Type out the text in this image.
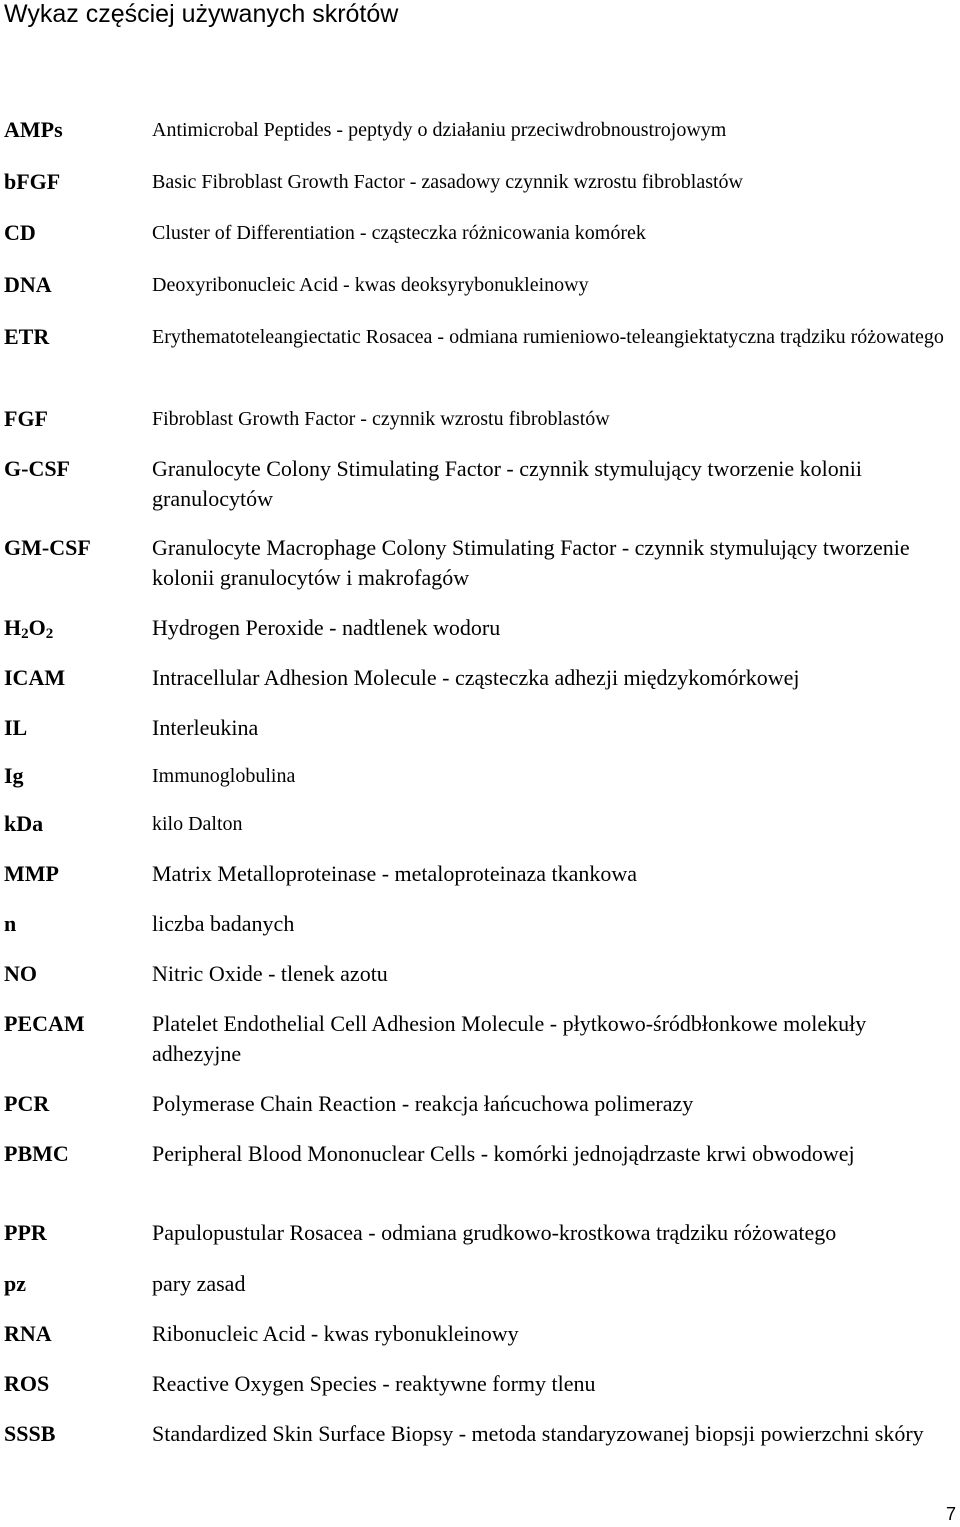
Wykaz częściej używanych skrótów
AMPs	Antimicrobal Peptides - peptydy o działaniu przeciwdrobnoustrojowym
bFGF	Basic Fibroblast Growth Factor - zasadowy czynnik wzrostu fibroblastów
CD	Cluster of Differentiation - cząsteczka różnicowania komórek
DNA	Deoxyribonucleic Acid - kwas deoksyrybonukleinowy
ETR	Erythematoteleangiectatic Rosacea - odmiana rumieniowo-teleangiektatyczna trądziku różowatego
FGF	Fibroblast Growth Factor - czynnik wzrostu fibroblastów
G-CSF	Granulocyte Colony Stimulating Factor - czynnik stymulujący tworzenie kolonii granulocytów
GM-CSF	Granulocyte Macrophage Colony Stimulating Factor - czynnik stymulujący tworzenie kolonii granulocytów i makrofagów
$H_2O_2$	Hydrogen Peroxide - nadtlenek wodoru
ICAM	Intracellular Adhesion Molecule - cząsteczka adhezji międzykomórkowej
IL	Interleukina
Ig	Immunoglobulina
kDa	kilo Dalton
MMP	Matrix Metalloproteinase - metaloproteinaza tkankowa
n	liczba badanych
NO	Nitric Oxide - tlenek azotu
PECAM	Platelet Endothelial Cell Adhesion Molecule - płytkowo-śródbłonkowe molekuły adhezyjne
PCR	Polymerase Chain Reaction - reakcja łańcuchowa polimerazy
PBMC	Peripheral Blood Mononuclear Cells - komórki jednojądrzaste krwi obwodowej
PPR	Papulopustular Rosacea - odmiana grudkowo-krostkowa trądziku różowatego
pz	pary zasad
RNA	Ribonucleic Acid - kwas rybonukleinowy
ROS	Reactive Oxygen Species - reaktywne formy tlenu
SSSB	Standardized Skin Surface Biopsy - metoda standaryzowanej biopsji powierzchni skóry
7
